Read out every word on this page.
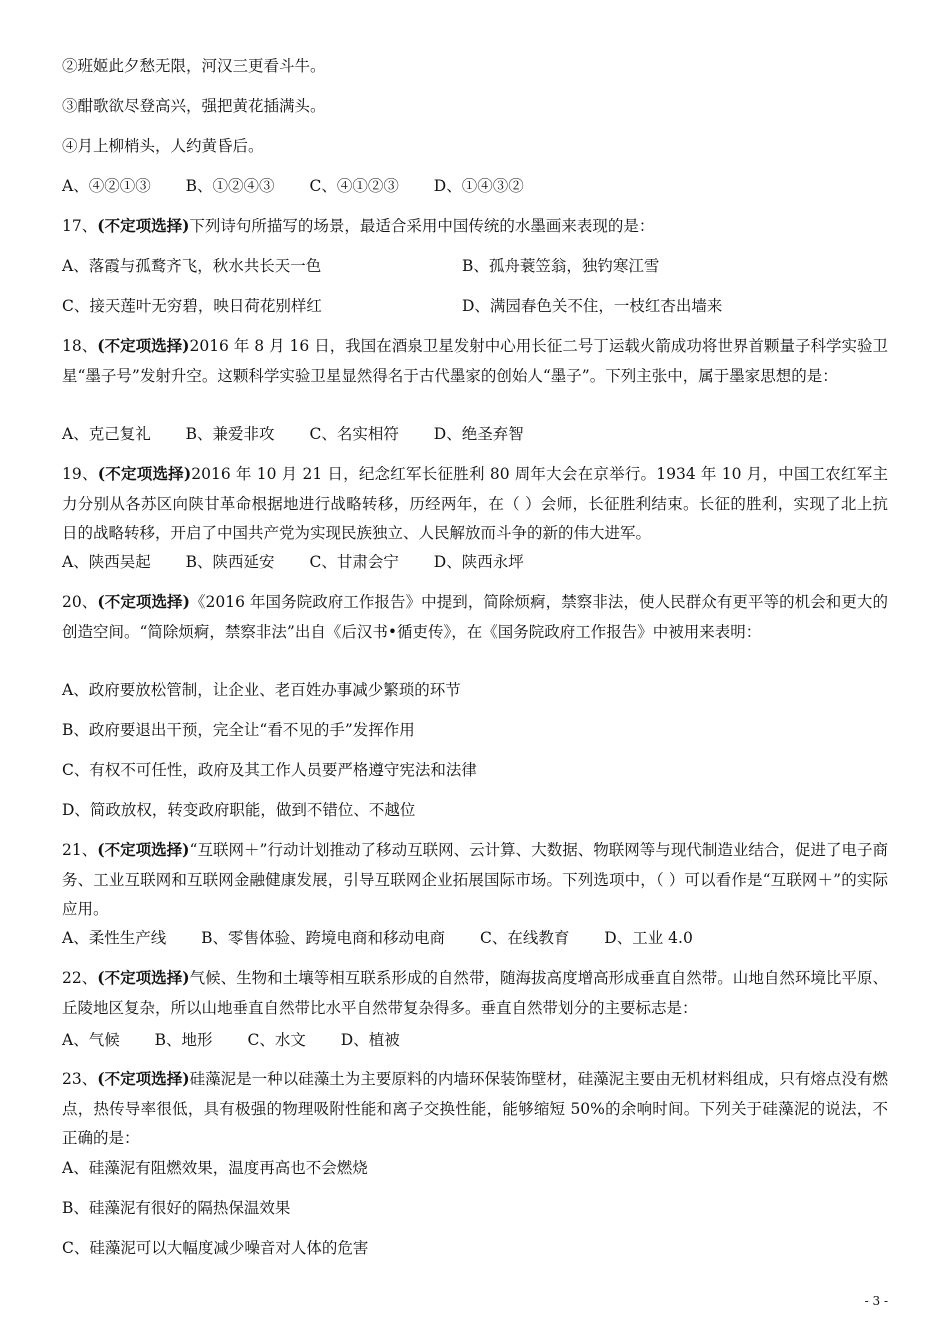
②班姬此夕愁无限，河汉三更看斗牛。
③酣歌欲尽登高兴，强把黄花插满头。
④月上柳梢头，人约黄昏后。
A、④②①③ B、①②④③ C、④①②③ D、①④③②
17、(不定项选择)下列诗句所描写的场景，最适合采用中国传统的水墨画来表现的是：
A、落霞与孤鹜齐飞，秋水共长天一色	B、孤舟蓑笠翁，独钓寒江雪
C、接天莲叶无穷碧，映日荷花别样红	D、满园春色关不住，一枝红杏出墙来
18、(不定项选择)2016 年 8 月 16 日，我国在酒泉卫星发射中心用长征二号丁运载火箭成功将世界首颗量子科学实验卫星“墨子号”发射升空。这颗科学实验卫星显然得名于古代墨家的创始人“墨子”。下列主张中，属于墨家思想的是：
A、克己复礼 B、兼爱非攻 C、名实相符 D、绝圣弃智
19、(不定项选择)2016 年 10 月 21 日，纪念红军长征胜利 80 周年大会在京举行。1934 年 10 月，中国工农红军主力分别从各苏区向陕甘革命根据地进行战略转移，历经两年，在（ ）会师，长征胜利结束。长征的胜利，实现了北上抗日的战略转移，开启了中国共产党为实现民族独立、人民解放而斗争的新的伟大进军。
A、陕西吴起 B、陕西延安 C、甘肃会宁 D、陕西永坪
20、(不定项选择)《2016 年国务院政府工作报告》中提到，简除烦痾，禁察非法，使人民群众有更平等的机会和更大的创造空间。“简除烦痾，禁察非法”出自《后汉书•循吏传》，在《国务院政府工作报告》中被用来表明：
A、政府要放松管制，让企业、老百姓办事减少繁琐的环节
B、政府要退出干预，完全让“看不见的手”发挥作用
C、有权不可任性，政府及其工作人员要严格遵守宪法和法律
D、简政放权，转变政府职能，做到不错位、不越位
21、(不定项选择)“互联网＋”行动计划推动了移动互联网、云计算、大数据、物联网等与现代制造业结合，促进了电子商务、工业互联网和互联网金融健康发展，引导互联网企业拓展国际市场。下列选项中，（ ）可以看作是“互联网＋”的实际应用。
A、柔性生产线 B、零售体验、跨境电商和移动电商 C、在线教育 D、工业 4.0
22、(不定项选择)气候、生物和土壤等相互联系形成的自然带，随海拔高度增高形成垂直自然带。山地自然环境比平原、丘陵地区复杂，所以山地垂直自然带比水平自然带复杂得多。垂直自然带划分的主要标志是：
A、气候 B、地形 C、水文 D、植被
23、(不定项选择)硅藻泥是一种以硅藻土为主要原料的内墙环保装饰壁材，硅藻泥主要由无机材料组成，只有熔点没有燃点，热传导率很低，具有极强的物理吸附性能和离子交换性能，能够缩短 50%的余响时间。下列关于硅藻泥的说法，不正确的是：
A、硅藻泥有阻燃效果，温度再高也不会燃烧
B、硅藻泥有很好的隔热保温效果
C、硅藻泥可以大幅度减少噪音对人体的危害
- 3 -
